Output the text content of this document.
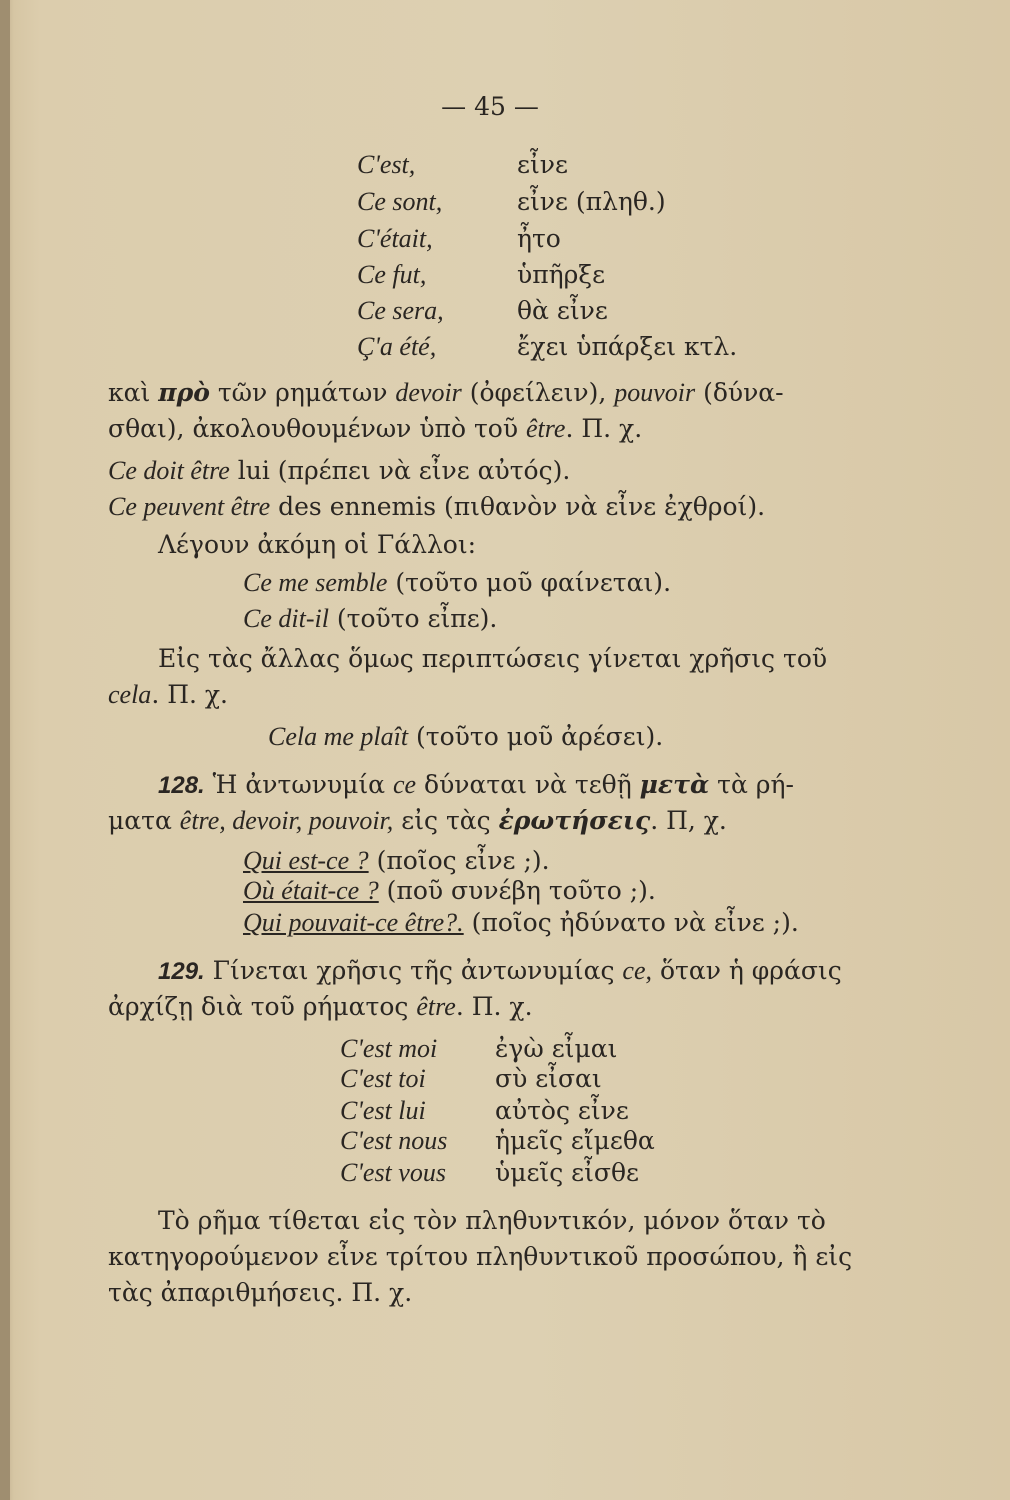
— 45 —
C'est,	εἶνε
Ce sont,	εἶνε (πληθ.)
C'était,	ἦτο
Ce fut,	ὑπῆρξε
Ce sera,	θὰ εἶνε
Ç'a été,	ἔχει ὑπάρξει κτλ.
καὶ πρὸ τῶν ρημάτων devoir (ὀφείλειν), pouvoir (δύνα-
σθαι), ἀκολουθουμένων ὑπὸ τοῦ être. Π. χ.
Ce doit être lui (πρέπει νὰ εἶνε αὐτός).
Ce peuvent être des ennemis (πιθανὸν νὰ εἶνε ἐχθροί).
Λέγουν ἀκόμη οἱ Γάλλοι:
Ce me semble (τοῦτο μοῦ φαίνεται).
Ce dit-il (τοῦτο εἶπε).
Εἰς τὰς ἄλλας ὅμως περιπτώσεις γίνεται χρῆσις τοῦ
cela. Π. χ.
Cela me plaît (τοῦτο μοῦ ἀρέσει).
128. Ἡ ἀντωνυμία ce δύναται νὰ τεθῇ μετὰ τὰ ρή-
ματα être, devoir, pouvoir, εἰς τὰς ἐρωτήσεις. Π, χ.
Qui est-ce ? (ποῖος εἶνε ;).
Où était-ce ? (ποῦ συνέβη τοῦτο ;).
Qui pouvait-ce être?. (ποῖος ἠδύνατο νὰ εἶνε ;).
129. Γίνεται χρῆσις τῆς ἀντωνυμίας ce, ὅταν ἡ φράσις
ἀρχίζῃ διὰ τοῦ ρήματος être. Π. χ.
C'est moi ἐγὼ εἶμαι
C'est toi	σὺ εἶσαι
C'est lui	αὐτὸς εἶνε
C'est nous ἡμεῖς εἴμεθα
C'est vous ὑμεῖς εἶσθε
Τὸ ρῆμα τίθεται εἰς τὸν πληθυντικόν, μόνον ὅταν τὸ
κατηγορούμενον εἶνε τρίτου πληθυντικοῦ προσώπου, ἢ εἰς
τὰς ἀπαριθμήσεις. Π. χ.
